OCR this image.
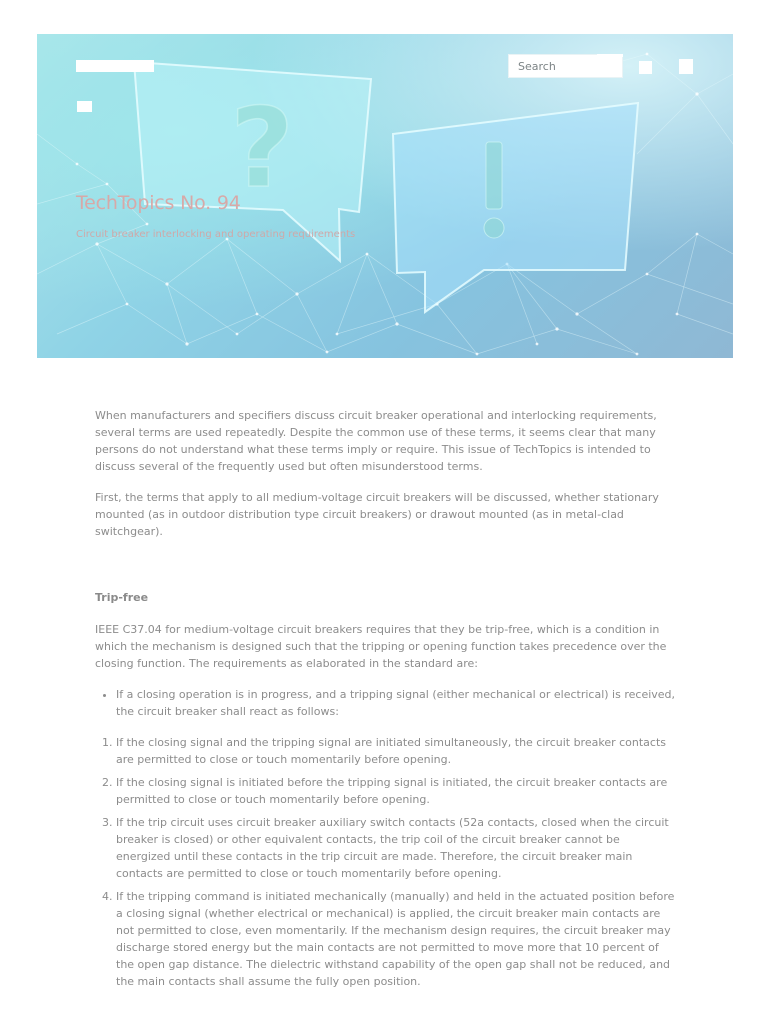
?
Search
TechTopics No. 94

Circuit breaker interlocking and operating requirements

When manufacturers and specifiers discuss circuit breaker operational and interlocking requirements, several terms are used repeatedly. Despite the common use of these terms, it seems clear that many persons do not understand what these terms imply or require. This issue of TechTopics is intended to discuss several of the frequently used but often misunderstood terms.

First, the terms that apply to all medium-voltage circuit breakers will be discussed, whether stationary mounted (as in outdoor distribution type circuit breakers) or drawout mounted (as in metal-clad switchgear).

Trip-free

IEEE C37.04 for medium-voltage circuit breakers requires that they be trip-free, which is a condition in which the mechanism is designed such that the tripping or opening function takes precedence over the closing function. The requirements as elaborated in the standard are:

• If a closing operation is in progress, and a tripping signal (either mechanical or electrical) is received, the circuit breaker shall react as follows:
1. If the closing signal and the tripping signal are initiated simultaneously, the circuit breaker contacts are permitted to close or touch momentarily before opening.
2. If the closing signal is initiated before the tripping signal is initiated, the circuit breaker contacts are permitted to close or touch momentarily before opening.
3. If the trip circuit uses circuit breaker auxiliary switch contacts (52a contacts, closed when the circuit breaker is closed) or other equivalent contacts, the trip coil of the circuit breaker cannot be energized until these contacts in the trip circuit are made. Therefore, the circuit breaker main contacts are permitted to close or touch momentarily before opening.
4. If the tripping command is initiated mechanically (manually) and held in the actuated position before a closing signal (whether electrical or mechanical) is applied, the circuit breaker main contacts are not permitted to close, even momentarily. If the mechanism design requires, the circuit breaker may discharge stored energy but the main contacts are not permitted to move more that 10 percent of the open gap distance. The dielectric withstand capability of the open gap shall not be reduced, and the main contacts shall assume the fully open position.
